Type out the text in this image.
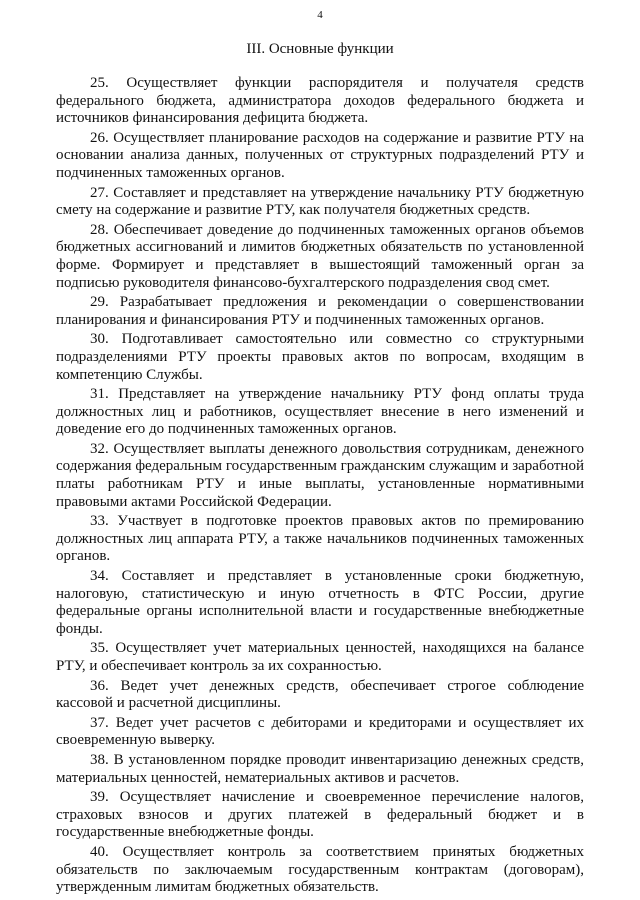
4
III. Основные функции

25. Осуществляет функции распорядителя и получателя средств федерального бюджета, администратора доходов федерального бюджета и источников финансирования дефицита бюджета.

26. Осуществляет планирование расходов на содержание и развитие РТУ на основании анализа данных, полученных от структурных подразделений РТУ и подчиненных таможенных органов.

27. Составляет и представляет на утверждение начальнику РТУ бюджетную смету на содержание и развитие РТУ, как получателя бюджетных средств.

28. Обеспечивает доведение до подчиненных таможенных органов объемов бюджетных ассигнований и лимитов бюджетных обязательств по установленной форме. Формирует и представляет в вышестоящий таможенный орган за подписью руководителя финансово-бухгалтерского подразделения свод смет.

29. Разрабатывает предложения и рекомендации о совершенствовании планирования и финансирования РТУ и подчиненных таможенных органов.

30. Подготавливает самостоятельно или совместно со структурными подразделениями РТУ проекты правовых актов по вопросам, входящим в компетенцию Службы.

31. Представляет на утверждение начальнику РТУ фонд оплаты труда должностных лиц и работников, осуществляет внесение в него изменений и доведение его до подчиненных таможенных органов.

32. Осуществляет выплаты денежного довольствия сотрудникам, денежного содержания федеральным государственным гражданским служащим и заработной платы работникам РТУ и иные выплаты, установленные нормативными правовыми актами Российской Федерации.

33. Участвует в подготовке проектов правовых актов по премированию должностных лиц аппарата РТУ, а также начальников подчиненных таможенных органов.

34. Составляет и представляет в установленные сроки бюджетную, налоговую, статистическую и иную отчетность в ФТС России, другие федеральные органы исполнительной власти и государственные внебюджетные фонды.

35. Осуществляет учет материальных ценностей, находящихся на балансе РТУ, и обеспечивает контроль за их сохранностью.

36. Ведет учет денежных средств, обеспечивает строгое соблюдение кассовой и расчетной дисциплины.

37. Ведет учет расчетов с дебиторами и кредиторами и осуществляет их своевременную выверку.

38. В установленном порядке проводит инвентаризацию денежных средств, материальных ценностей, нематериальных активов и расчетов.

39. Осуществляет начисление и своевременное перечисление налогов, страховых взносов и других платежей в федеральный бюджет и в государственные внебюджетные фонды.

40. Осуществляет контроль за соответствием принятых бюджетных обязательств по заключаемым государственным контрактам (договорам), утвержденным лимитам бюджетных обязательств.
